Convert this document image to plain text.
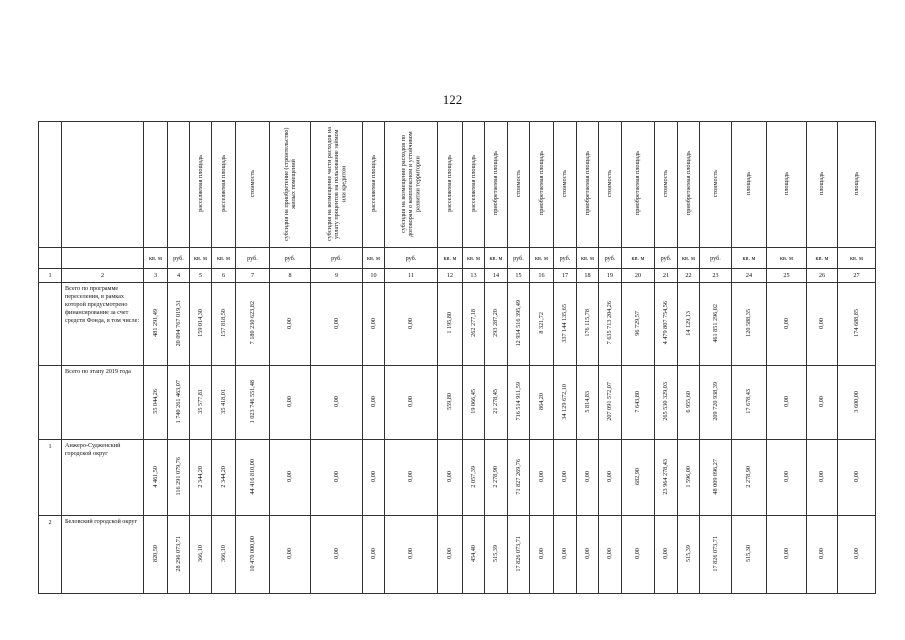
122
				расселяемая площадь	расселяемая площадь	стоимость	субсидия на приобретение (строительство) жилых помещений	субсидия на возмещение части расходов на уплату процентов на пользование займом или кредитом	расселяемая площадь	субсидия на возмещение расходов по договорам о комплексном и устойчивом развитии территории	расселяемая площадь	расселяемая площадь	приобретаемая площадь	стоимость	приобретаемая площадь	стоимость	приобретаемая площадь	стоимость	приобретаемая площадь	стоимость	приобретаемая площадь	стоимость	площадь	площадь	площадь	площадь
		кв. м	руб.	кв. м	кв. м	руб.	руб.	руб.	кв. м	руб.	кв. м	кв. м	кв. м	руб.	кв. м	руб.	кв. м	руб.	кв. м	руб.	кв. м	руб.	кв. м	кв. м	кв. м	кв. м
1	2	3	4	5	6	7	8	9	10	11	12	13	14	15	16	17	18	19	20	21	22	23	24	25	26	27
	Всего по программе переселения, в рамках которой предусмотрено финансирование за счет средств Фонда, в том числе:	481 291,49	20 094 767 019,31	159 014,30	157 818,50	7 180 230 623,82	0,00	0,00	0,00	0,00	1 195,80	262 277,18	293 287,20	12 934 516 395,49	8 321,72	337 144 135,65	176 115,78	7 635 713 204,26	96 729,57	4 479 807 754,56	14 129,13	461 851 296,02	120 588,35	0,00	0,00	174 688,85
	Всего по этапу 2019 года	55 044,26	1 740 261 463,07	35 577,81	35 418,01	1 023 746 551,48	0,00	0,00	0,00	0,00	559,80	19 066,45	21 278,45	716 514 911,59	864,20	34 129 672,10	5 814,83	207 091 572,07	7 643,80	265 530 329,03	6 955,60	209 720 938,39	17 678,43	0,00	0,00	3 600,00
1	Анжеро-Судженский городской округ	4 461,50	116 291 079,76	2 344,20	2 344,20	44 416 810,00	0,00	0,00	0,00	0,00	0,00	2 057,39	2 278,90	71 827 269,76	0,00	0,00	0,00	0,00	682,90	23 964 278,43	1 596,00	48 009 096,27	2 278,90	0,00	0,00	0,00
2	Беловский городской округ	820,50	28 296 073,71	366,10	366,10	10 470 000,00	0,00	0,00	0,00	0,00	0,00	454,40	515,39	17 826 073,71	0,00	0,00	0,00	0,00	0,00	0,00	515,39	17 826 073,71	515,30	0,00	0,00	0,00
